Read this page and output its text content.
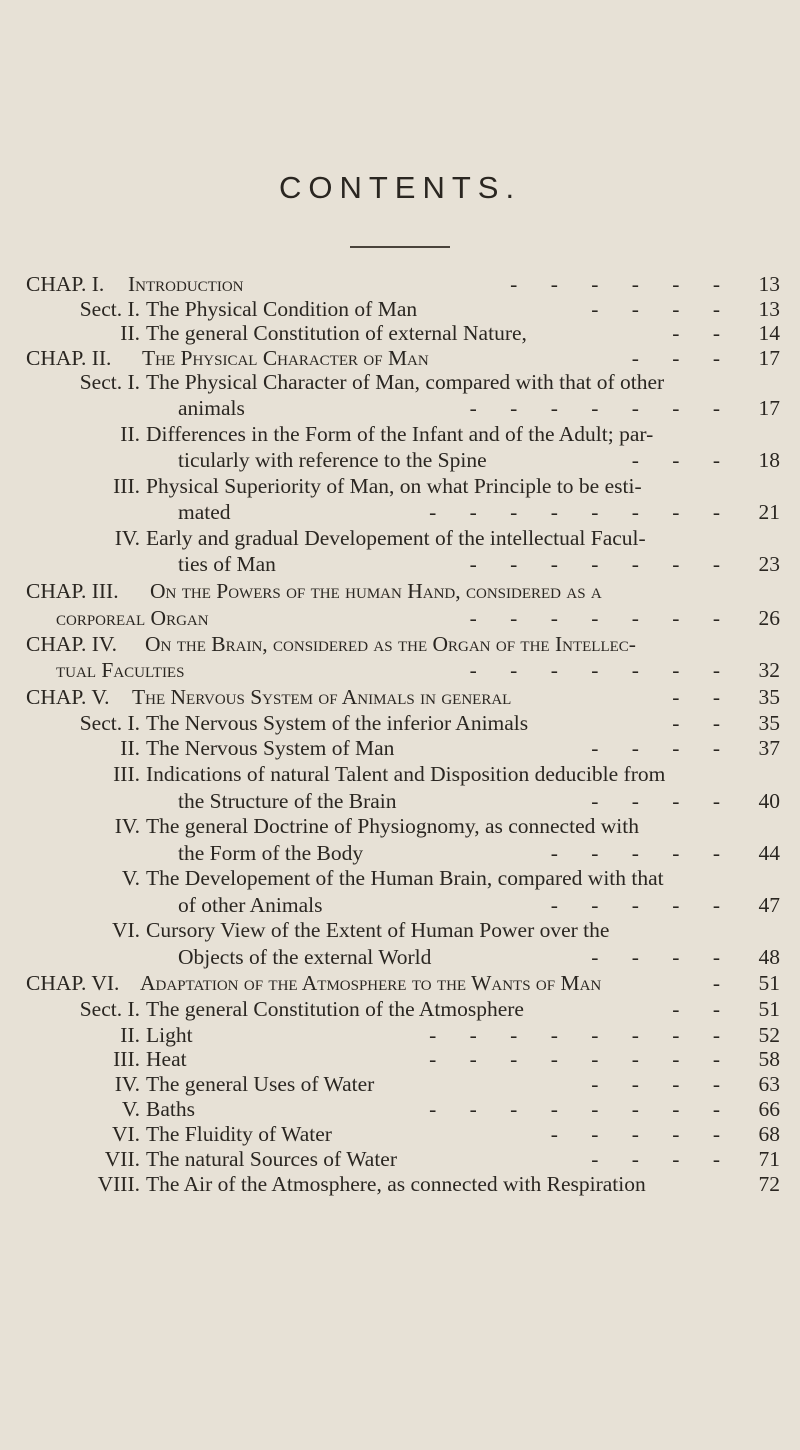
CONTENTS.
CHAP. I. Introduction	- - - - - -	13
Sect. I. The Physical Condition of Man	- - - -	13
II. The general Constitution of external Nature,	- -	14
CHAP. II. The Physical Character of Man	- - -	17
Sect. I. The Physical Character of Man, compared with that of other
animals	- - - - - - -	17
II. Differences in the Form of the Infant and of the Adult; par-
ticularly with reference to the Spine	- - -	18
III. Physical Superiority of Man, on what Principle to be esti-
mated	- - - - - - - -	21
IV. Early and gradual Developement of the intellectual Facul-
ties of Man	- - - - - - -	23
CHAP. III. On the Powers of the human Hand, considered as a
corporeal Organ	- - - - - - -	26
CHAP. IV. On the Brain, considered as the Organ of the Intellec-
tual Faculties	- - - - - - -	32
CHAP. V. The Nervous System of Animals in general	- -	35
Sect. I. The Nervous System of the inferior Animals	- -	35
II. The Nervous System of Man	- - - -	37
III. Indications of natural Talent and Disposition deducible from
the Structure of the Brain	- - - -	40
IV. The general Doctrine of Physiognomy, as connected with
the Form of the Body	- - - - -	44
V. The Developement of the Human Brain, compared with that
of other Animals	- - - - -	47
VI. Cursory View of the Extent of Human Power over the
Objects of the external World	- - - -	48
CHAP. VI. Adaptation of the Atmosphere to the Wants of Man	-	51
Sect. I. The general Constitution of the Atmosphere	- -	51
II. Light	- - - - - - - -	52
III. Heat	- - - - - - - -	58
IV. The general Uses of Water	- - - -	63
V. Baths	- - - - - - - -	66
VI. The Fluidity of Water	- - - - -	68
VII. The natural Sources of Water	- - - -	71
VIII. The Air of the Atmosphere, as connected with Respiration	72
